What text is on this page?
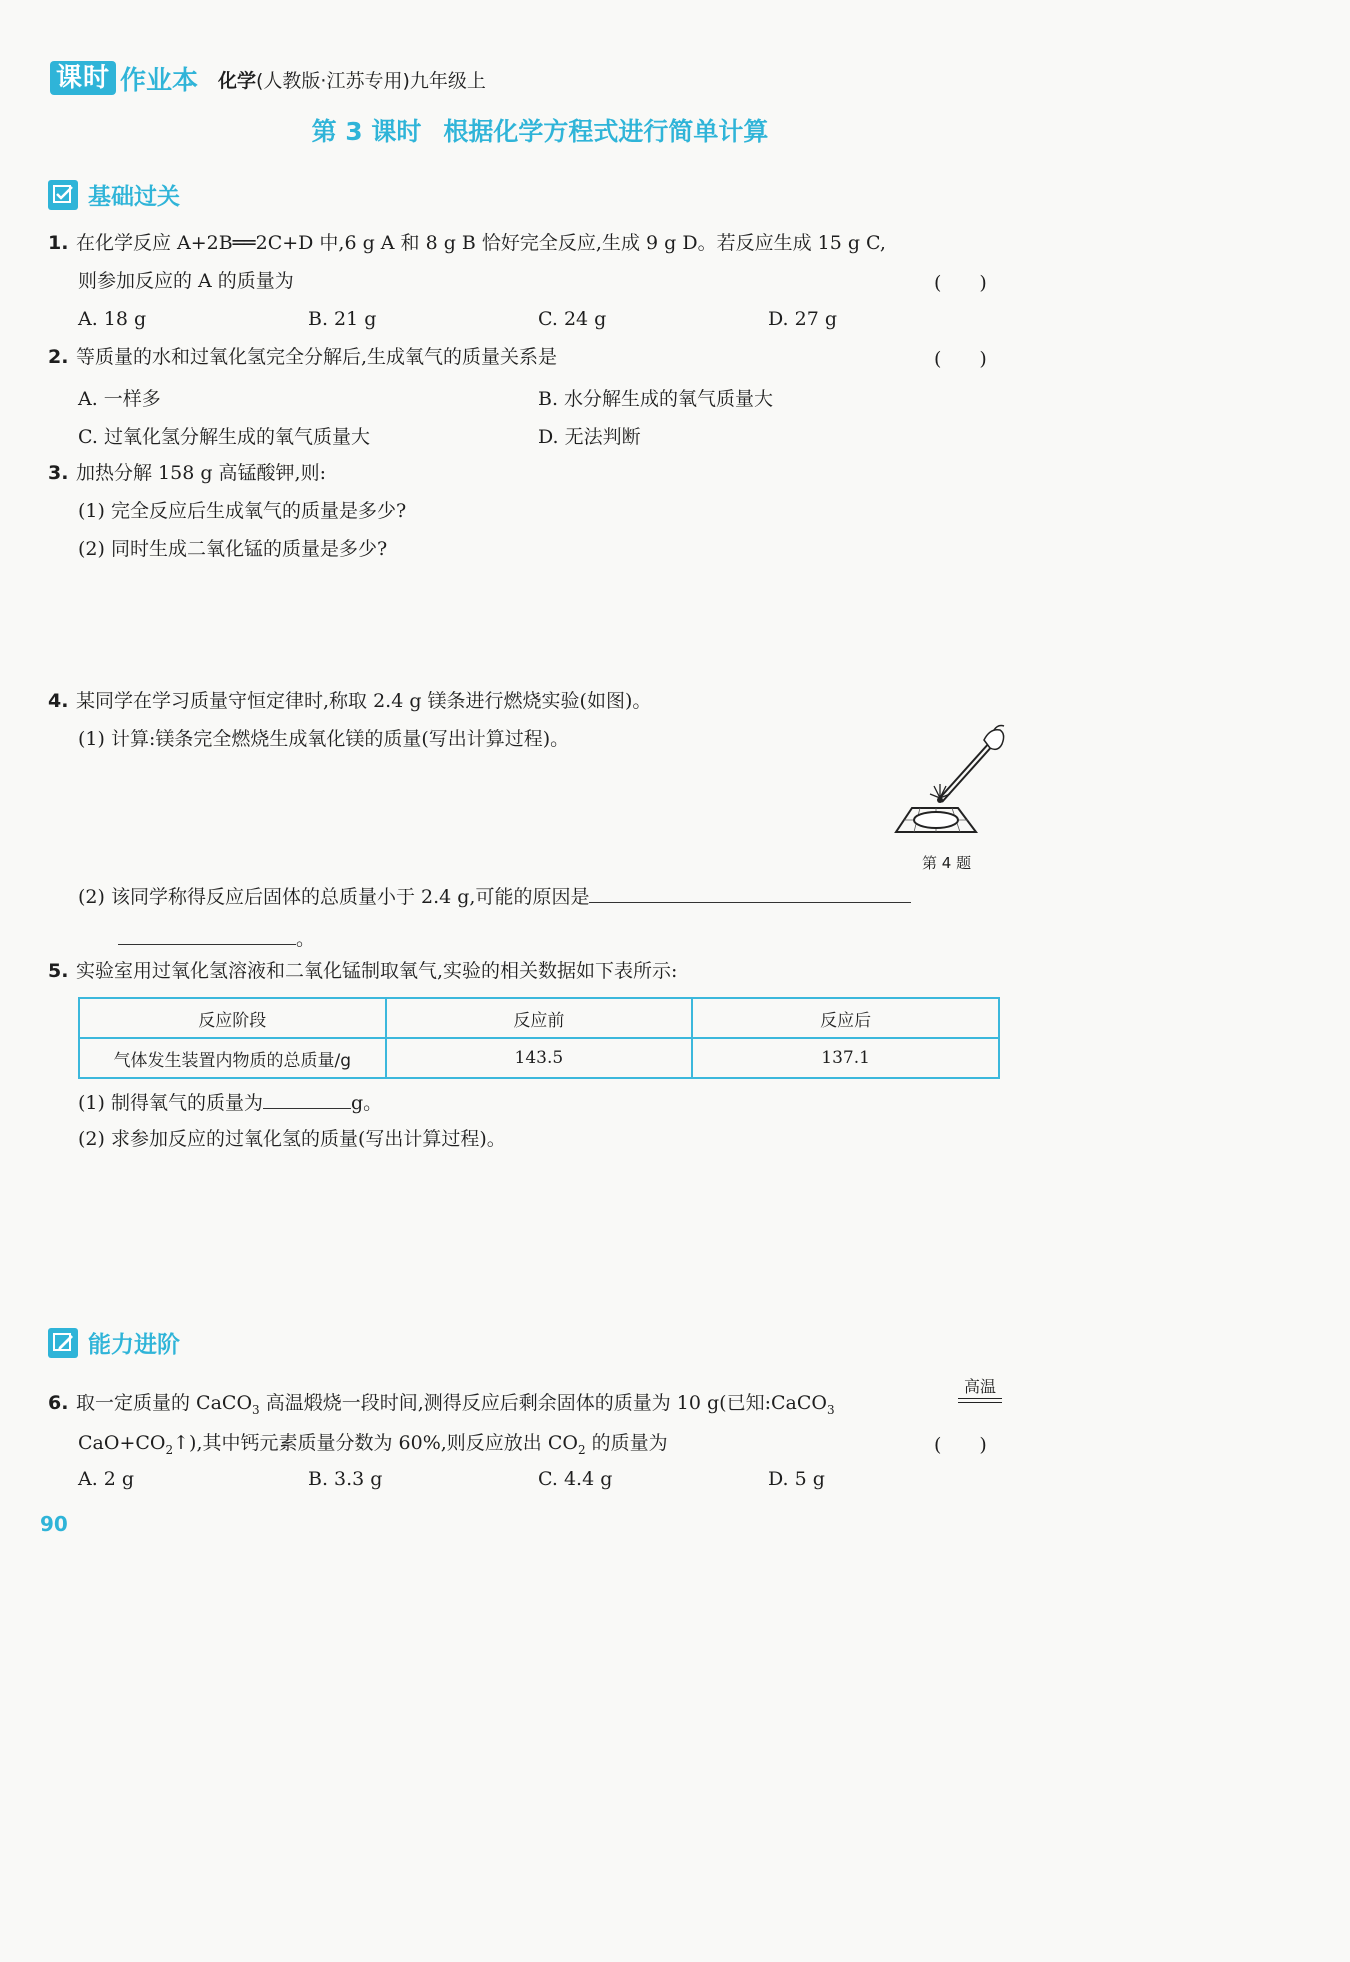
课时 作业本 化学(人教版·江苏专用)九年级上
第 3 课时 根据化学方程式进行简单计算
基础过关
1. 在化学反应 A+2B══2C+D 中,6 g A 和 8 g B 恰好完全反应,生成 9 g D。若反应生成 15 g C,
则参加反应的 A 的质量为	(　　)
A. 18 g	B. 21 g	C. 24 g	D. 27 g
2. 等质量的水和过氧化氢完全分解后,生成氧气的质量关系是	(　　)
A. 一样多	B. 水分解生成的氧气质量大
C. 过氧化氢分解生成的氧气质量大	D. 无法判断
3. 加热分解 158 g 高锰酸钾,则:
(1) 完全反应后生成氧气的质量是多少?
(2) 同时生成二氧化锰的质量是多少?
4. 某同学在学习质量守恒定律时,称取 2.4 g 镁条进行燃烧实验(如图)。
(1) 计算:镁条完全燃烧生成氧化镁的质量(写出计算过程)。
第 4 题
(2) 该同学称得反应后固体的总质量小于 2.4 g,可能的原因是
。
5. 实验室用过氧化氢溶液和二氧化锰制取氧气,实验的相关数据如下表所示:
反应阶段	反应前	反应后
气体发生装置内物质的总质量/g	143.5	137.1
(1) 制得氧气的质量为	g。
(2) 求参加反应的过氧化氢的质量(写出计算过程)。
能力进阶
6. 取一定质量的 CaCO$_3$ 高温煅烧一段时间,测得反应后剩余固体的质量为 10 g(已知:CaCO$_3$
高温
$CaO+CO_2↑$),其中钙元素质量分数为 60%,则反应放出 $CO_2$ 的质量为	(　　)
A. 2 g	B. 3.3 g	C. 4.4 g	D. 5 g
90
